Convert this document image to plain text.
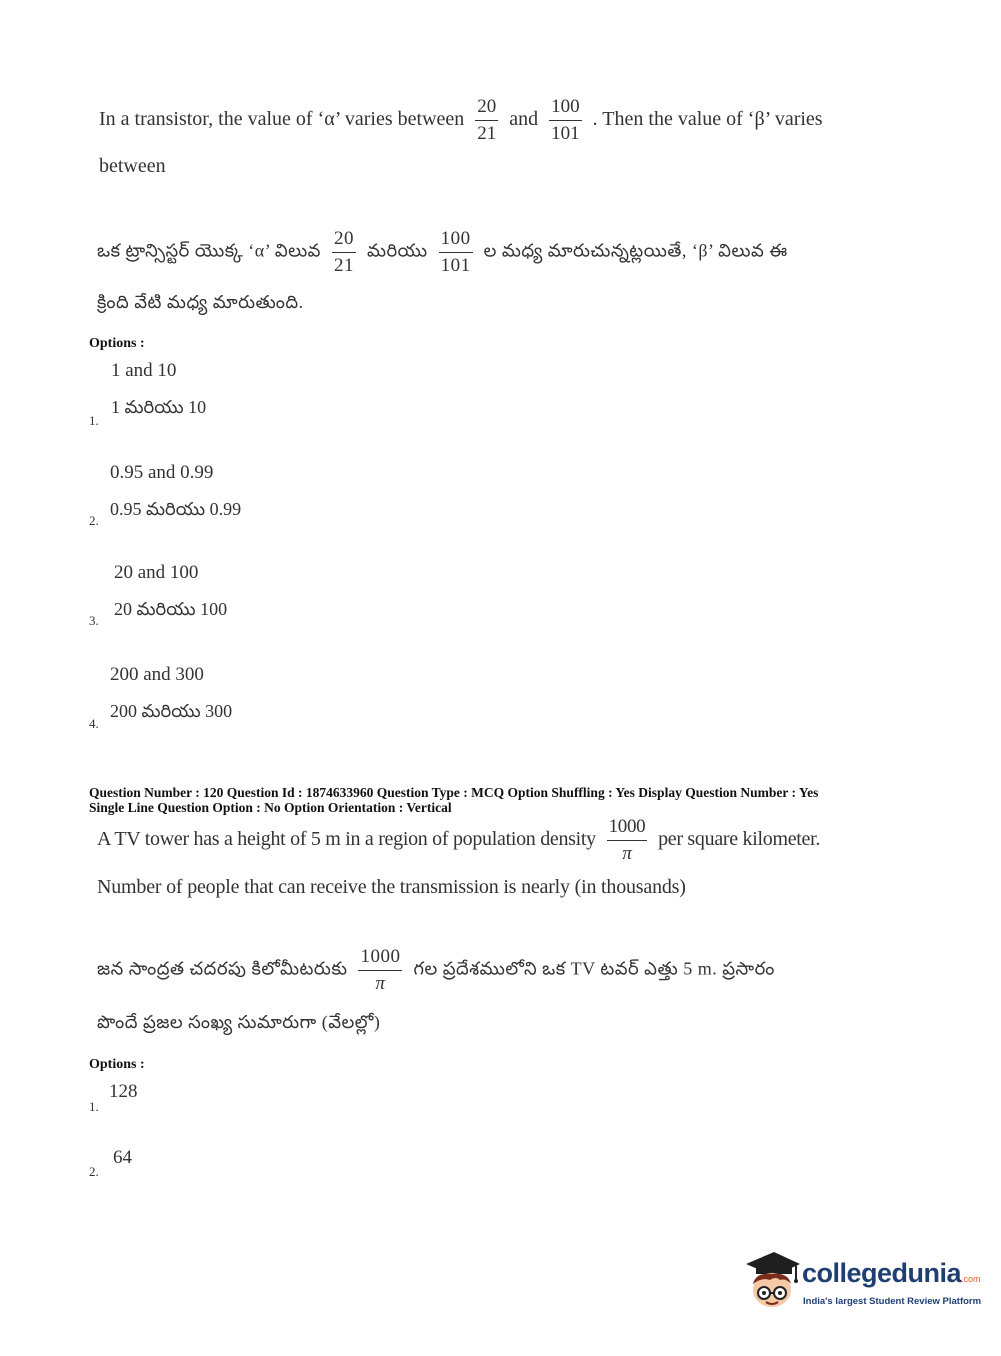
In a transistor, the value of ‘α’ varies between $\frac{20}{21}$ and $\frac{100}{101}$ . Then the value of ‘β’ varies
between
ఒక ట్రాన్సిస్టర్ యొక్క ‘α’ విలువ $\frac{20}{21}$ మరియు $\frac{100}{101}$ ల మధ్య మారుచున్నట్లయితే, ‘β’ విలువ ఈ
క్రింది వేటి మధ్య మారుతుంది.
Options :
1 and 10
1 మరియు 10
1.
0.95 and 0.99
0.95 మరియు 0.99
2.
20 and 100
20 మరియు 100
3.
200 and 300
200 మరియు 300
4.
Question Number : 120 Question Id : 1874633960 Question Type : MCQ Option Shuffling : Yes Display Question Number : Yes
Single Line Question Option : No Option Orientation : Vertical
A TV tower has a height of 5 m in a region of population density $\frac{1000}{\pi}$ per square kilometer.
Number of people that can receive the transmission is nearly (in thousands)
జన సాంద్రత చదరపు కిలోమీటరుకు $\frac{1000}{\pi}$ గల ప్రదేశములోని ఒక TV టవర్ ఎత్తు 5 m. ప్రసారం
పొందే ప్రజల సంఖ్య సుమారుగా (వేలల్లో)
Options :
128
1.
64
2.
collegedunia.com
India's largest Student Review Platform
